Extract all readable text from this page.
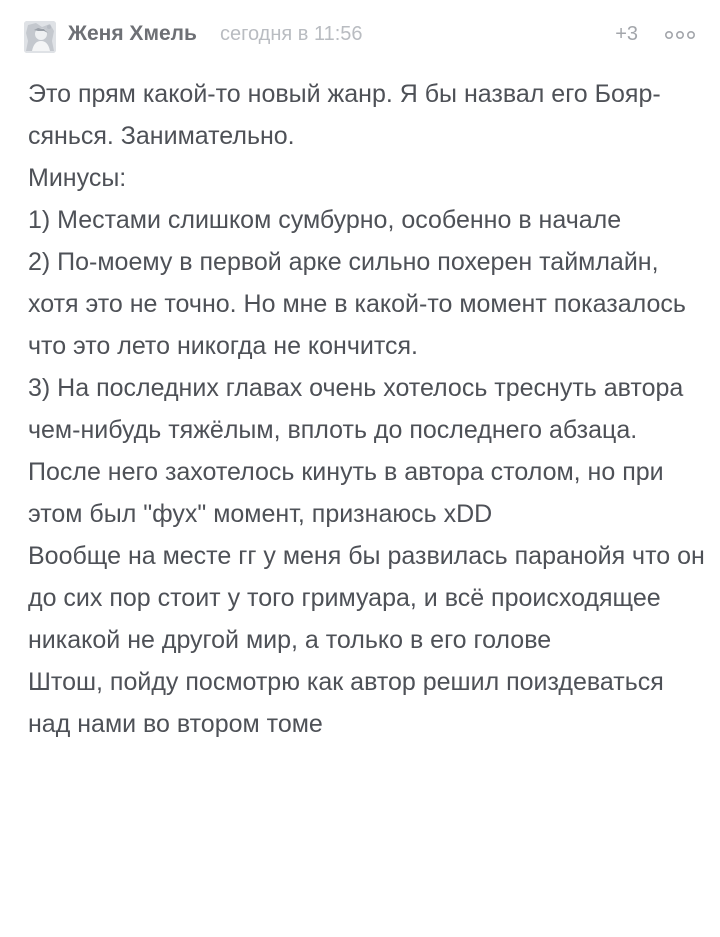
Женя Хмель сегодня в 11:56	+3

Это прям какой-то новый жанр. Я бы назвал его Бояр-сянься. Занимательно.

Минусы:

1) Местами слишком сумбурно, особенно в начале

2) По-моему в первой арке сильно похерен таймлайн, хотя это не точно. Но мне в какой-то момент показалось что это лето никогда не кончится.

3) На последних главах очень хотелось треснуть автора чем-нибудь тяжёлым, вплоть до последнего абзаца. После него захотелось кинуть в автора столом, но при этом был "фух" момент, признаюсь xDD

Вообще на месте гг у меня бы развилась паранойя что он до сих пор стоит у того гримуара, и всё происходящее никакой не другой мир, а только в его голове

Штош, пойду посмотрю как автор решил поиздеваться над нами во втором томе
